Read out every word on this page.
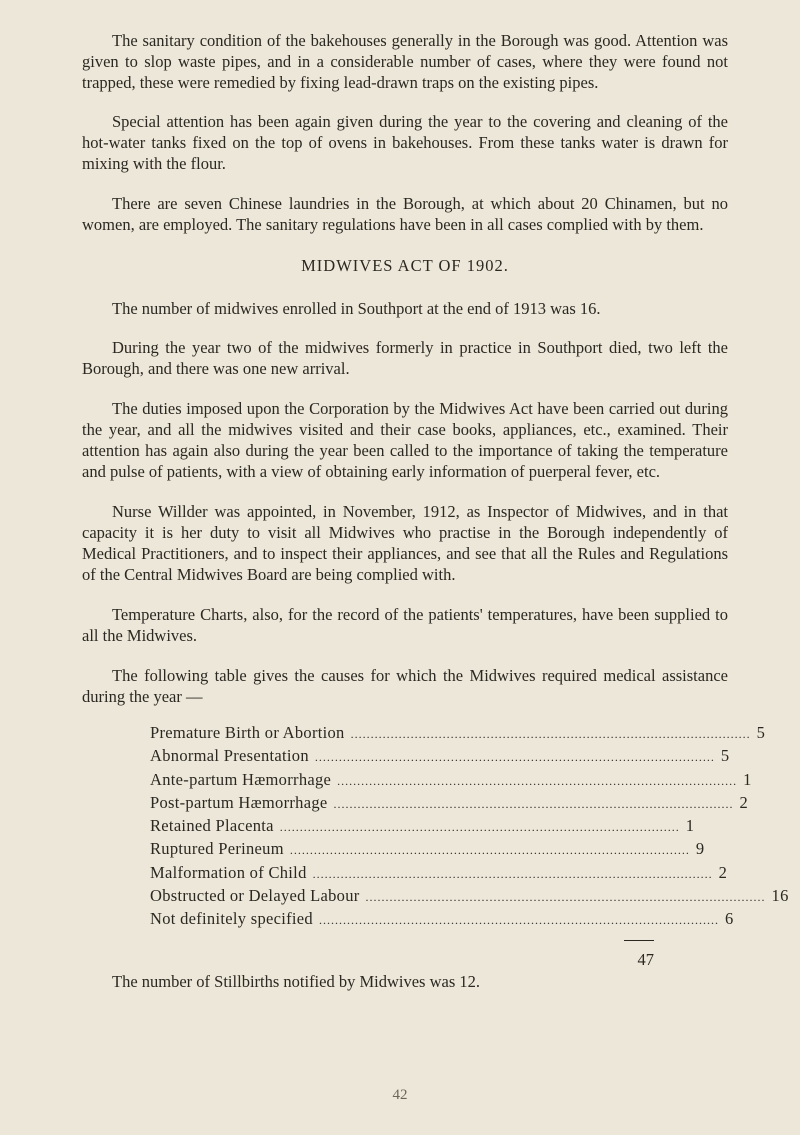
The sanitary condition of the bakehouses generally in the Borough was good. Attention was given to slop waste pipes, and in a considerable number of cases, where they were found not trapped, these were remedied by fixing lead-drawn traps on the existing pipes.

Special attention has been again given during the year to the covering and cleaning of the hot-water tanks fixed on the top of ovens in bakehouses. From these tanks water is drawn for mixing with the flour.

There are seven Chinese laundries in the Borough, at which about 20 Chinamen, but no women, are employed. The sanitary regulations have been in all cases complied with by them.

MIDWIVES ACT OF 1902.

The number of midwives enrolled in Southport at the end of 1913 was 16.

During the year two of the midwives formerly in practice in Southport died, two left the Borough, and there was one new arrival.

The duties imposed upon the Corporation by the Midwives Act have been carried out during the year, and all the midwives visited and their case books, appliances, etc., examined. Their attention has again also during the year been called to the importance of taking the temperature and pulse of patients, with a view of obtaining early information of puerperal fever, etc.

Nurse Willder was appointed, in November, 1912, as Inspector of Midwives, and in that capacity it is her duty to visit all Midwives who practise in the Borough independently of Medical Practitioners, and to inspect their appliances, and see that all the Rules and Regulations of the Central Midwives Board are being complied with.

Temperature Charts, also, for the record of the patients' temperatures, have been supplied to all the Midwives.

The following table gives the causes for which the Midwives required medical assistance during the year —

Premature Birth or Abortion .................................................................................................... 5
Abnormal Presentation .................................................................................................... 5
Ante-partum Hæmorrhage .................................................................................................... 1
Post-partum Hæmorrhage .................................................................................................... 2
Retained Placenta .................................................................................................... 1
Ruptured Perineum .................................................................................................... 9
Malformation of Child .................................................................................................... 2
Obstructed or Delayed Labour .................................................................................................... 16
Not definitely specified .................................................................................................... 6
47

The number of Stillbirths notified by Midwives was 12.

42
